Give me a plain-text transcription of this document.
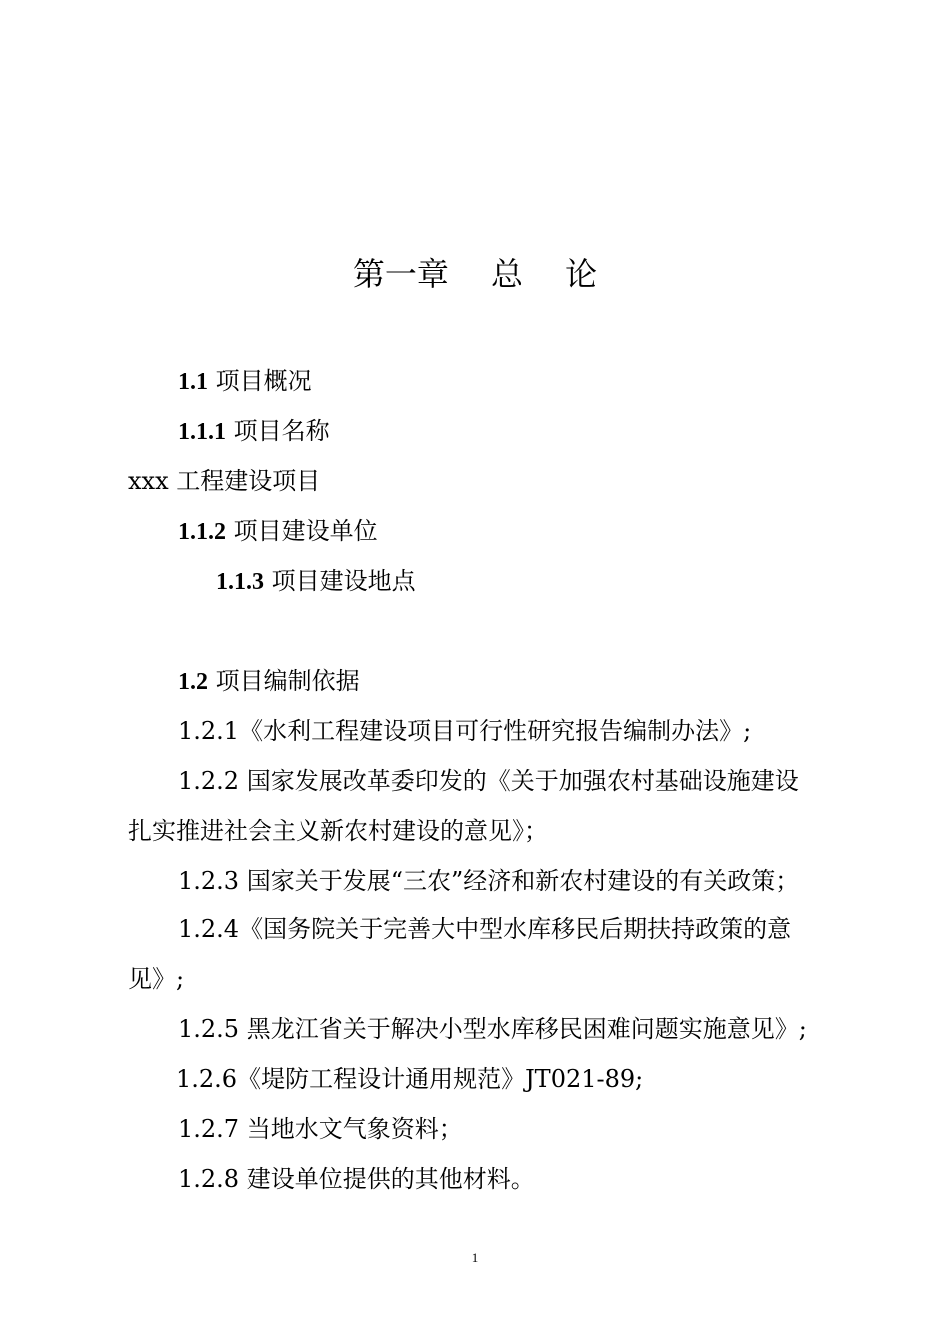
第一章　 总　 论
1.1 项目概况
1.1.1 项目名称
xxx 工程建设项目
1.1.2 项目建设单位
1.1.3 项目建设地点
1.2 项目编制依据
1.2.1《水利工程建设项目可行性研究报告编制办法》;
1.2.2 国家发展改革委印发的《关于加强农村基础设施建设
扎实推进社会主义新农村建设的意见》；
1.2.3 国家关于发展“三农”经济和新农村建设的有关政策；
1.2.4《国务院关于完善大中型水库移民后期扶持政策的意
见》;
1.2.5 黑龙江省关于解决小型水库移民困难问题实施意见》;
1.2.6《堤防工程设计通用规范》JT021-89;
1.2.7 当地水文气象资料；
1.2.8 建设单位提供的其他材料。
1
